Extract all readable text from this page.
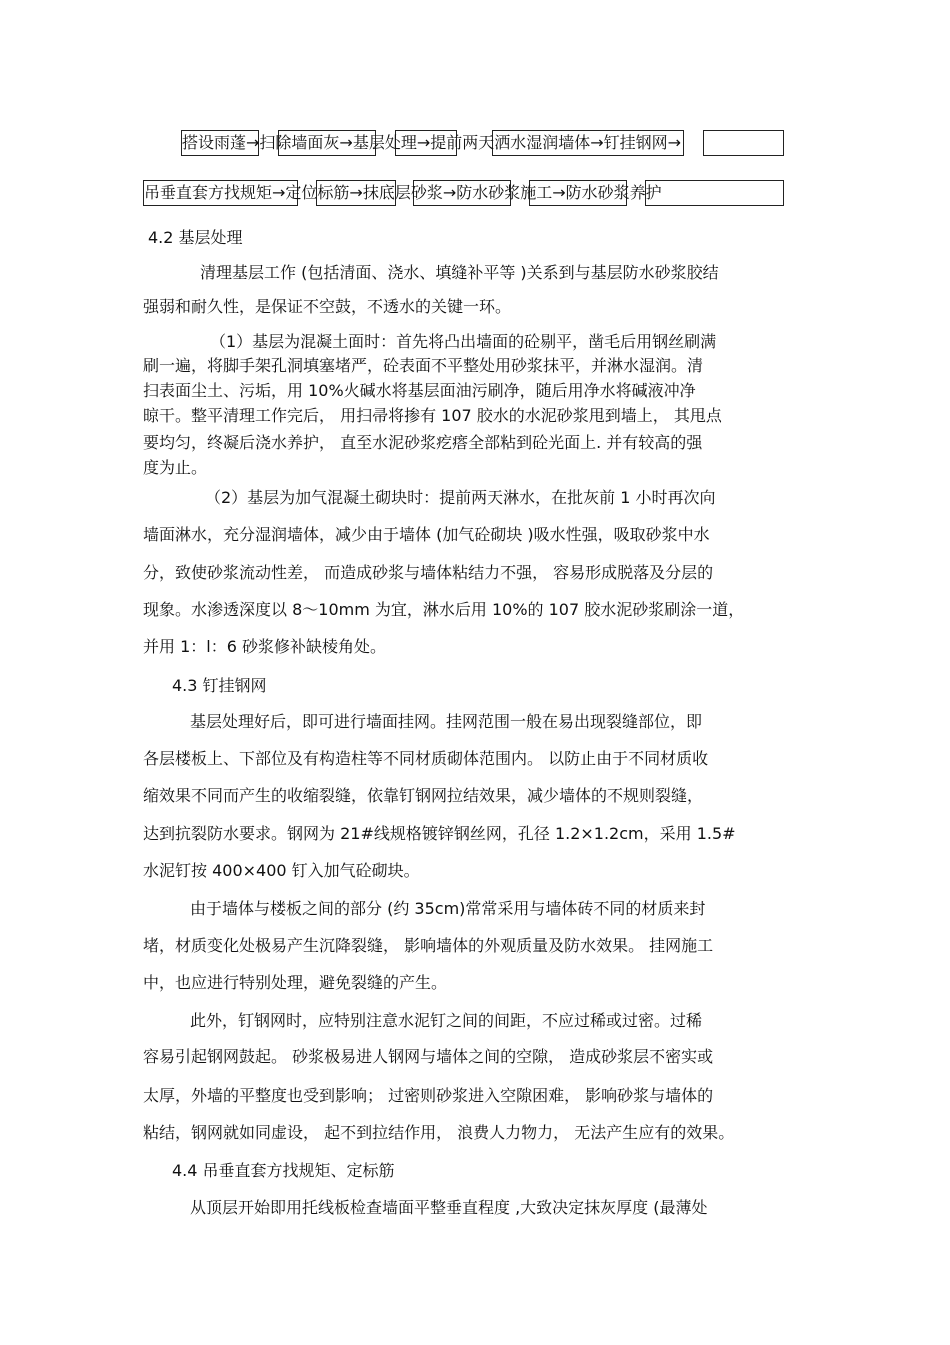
搭设雨蓬→扫除墙面灰→基层处理→提前两天洒水湿润墙体→钉挂钢网→
吊垂直套方找规矩→定位标筋→抹底层砂浆→防水砂浆施工→防水砂浆养护
4.2 基层处理
清理基层工作 (包括清面、浇水、填缝补平等 )关系到与基层防水砂浆胶结
强弱和耐久性，是保证不空鼓，不透水的关键一环。
（1）基层为混凝土面时：首先将凸出墙面的砼剔平，凿毛后用钢丝刷满
刷一遍，将脚手架孔洞填塞堵严，砼表面不平整处用砂浆抹平，并淋水湿润。清
扫表面尘土、污垢，用 10%火碱水将基层面油污刷净，随后用净水将碱液冲净
晾干。整平清理工作完后， 用扫帚将掺有 107 胶水的水泥砂浆甩到墙上， 其甩点
要均匀，终凝后浇水养护， 直至水泥砂浆疙瘩全部粘到砼光面上. 并有较高的强
度为止。
（2）基层为加气混凝土砌块时：提前两天淋水，在批灰前 1 小时再次向
墙面淋水，充分湿润墙体，减少由于墙体 (加气砼砌块 )吸水性强，吸取砂浆中水
分，致使砂浆流动性差， 而造成砂浆与墙体粘结力不强， 容易形成脱落及分层的
现象。水渗透深度以 8～10mm 为宜，淋水后用 10%的 107 胶水泥砂浆刷涂一道，
并用 1：l：6 砂浆修补缺棱角处。
4.3 钉挂钢网
基层处理好后，即可进行墙面挂网。挂网范围一般在易出现裂缝部位，即
各层楼板上、下部位及有构造柱等不同材质砌体范围内。 以防止由于不同材质收
缩效果不同而产生的收缩裂缝，依靠钉钢网拉结效果，减少墙体的不规则裂缝，
达到抗裂防水要求。钢网为 21#线规格镀锌钢丝网，孔径 1.2×1.2cm，采用 1.5#
水泥钉按 400×400 钉入加气砼砌块。
由于墙体与楼板之间的部分 (约 35cm)常常采用与墙体砖不同的材质来封
堵，材质变化处极易产生沉降裂缝， 影响墙体的外观质量及防水效果。 挂网施工
中，也应进行特别处理，避免裂缝的产生。
此外，钉钢网时，应特别注意水泥钉之间的间距，不应过稀或过密。过稀
容易引起钢网鼓起。 砂浆极易进人钢网与墙体之间的空隙， 造成砂浆层不密实或
太厚，外墙的平整度也受到影响； 过密则砂浆进入空隙困难， 影响砂浆与墙体的
粘结，钢网就如同虚设， 起不到拉结作用， 浪费人力物力， 无法产生应有的效果。
4.4 吊垂直套方找规矩、定标筋
从顶层开始即用托线板检查墙面平整垂直程度 ,大致决定抹灰厚度 (最薄处
